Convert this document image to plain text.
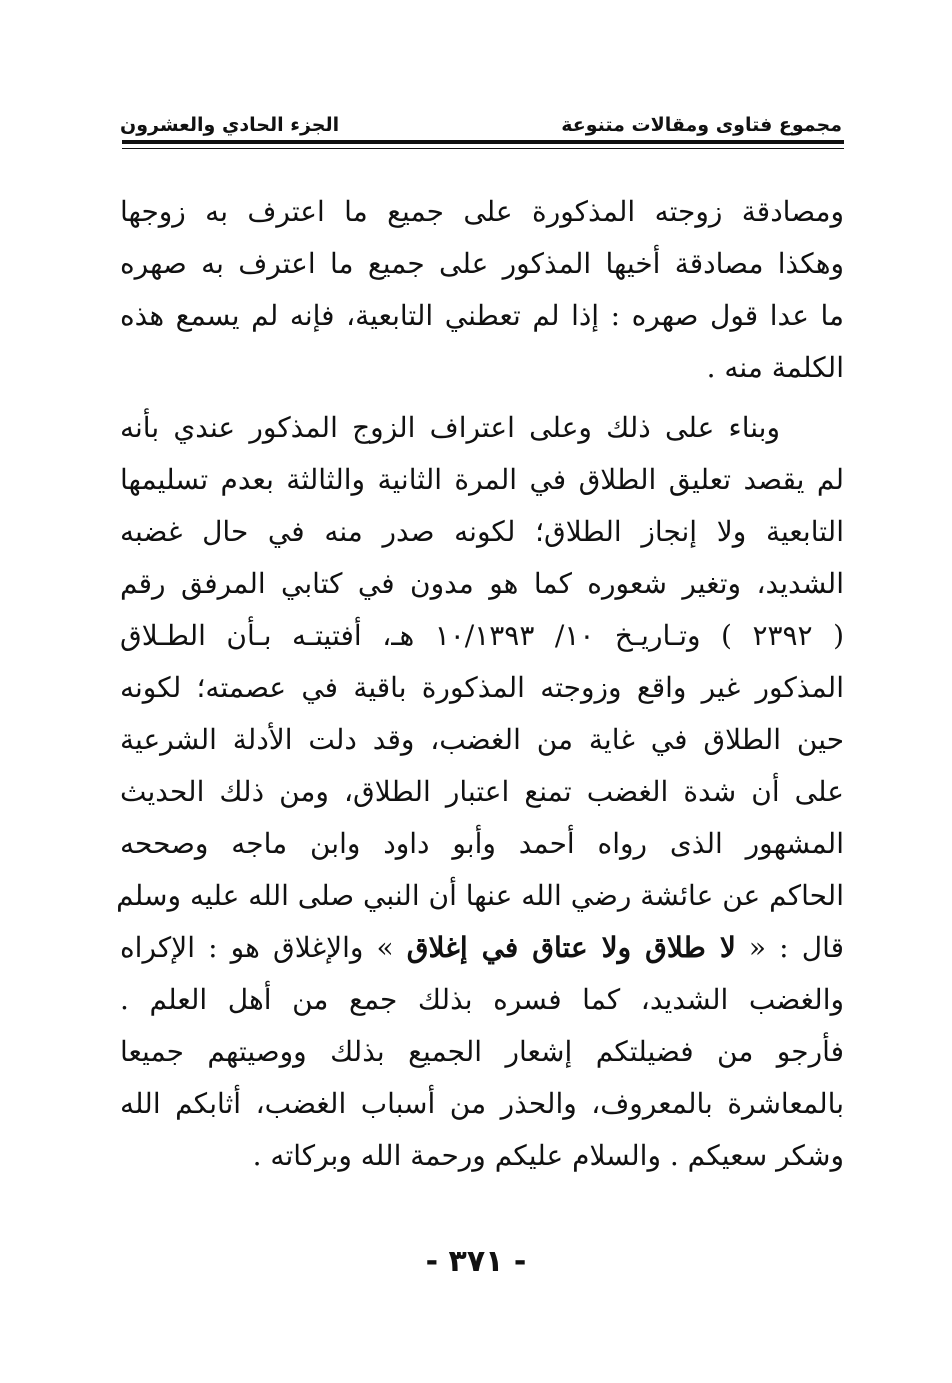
مجموع فتاوى ومقالات متنوعة
الجزء الحادي والعشرون

ومصادقة زوجته المذكورة على جميع ما اعترف به زوجها
وهكذا مصادقة أخيها المذكور على جميع ما اعترف به صهره
ما عدا قول صهره : إذا لم تعطني التابعية، فإنه لم يسمع هذه
الكلمة منه .

وبناء على ذلك وعلى اعتراف الزوج المذكور عندي بأنه
لم يقصد تعليق الطلاق في المرة الثانية والثالثة بعدم تسليمها
التابعية ولا إنجاز الطلاق؛ لكونه صدر منه في حال غضبه
الشديد، وتغير شعوره كما هو مدون في كتابي المرفق رقم
( ٢٣٩٢ ) وتـاريـخ ١٠/ ١٠/١٣٩٣ هـ، أفتيتـه بـأن الطـلاق
المذكور غير واقع وزوجته المذكورة باقية في عصمته؛ لكونه
حين الطلاق في غاية من الغضب، وقد دلت الأدلة الشرعية
على أن شدة الغضب تمنع اعتبار الطلاق، ومن ذلك الحديث
المشهور الذى رواه أحمد وأبو داود وابن ماجه وصححه
الحاكم عن عائشة رضي الله عنها أن النبي صلى الله عليه وسلم
قال : « لا طلاق ولا عتاق في إغلاق » والإغلاق هو : الإكراه
والغضب الشديد، كما فسره بذلك جمع من أهل العلم .
فأرجو من فضيلتكم إشعار الجميع بذلك ووصيتهم جميعا
بالمعاشرة بالمعروف، والحذر من أسباب الغضب، أثابكم الله
وشكر سعيكم . والسلام عليكم ورحمة الله وبركاته .

- ٣٧١ -
